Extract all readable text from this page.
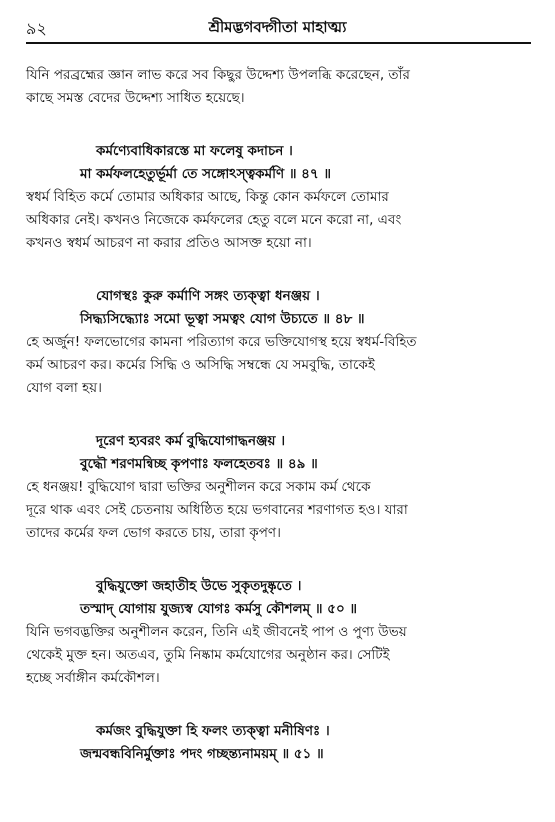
৯২	শ্রীমদ্ভগবদ্গীতা মাহাত্ম্য

যিনি পরব্রহ্মের জ্ঞান লাভ করে সব কিছুর উদ্দেশ্য উপলব্ধি করেছেন, তাঁর
কাছে সমস্ত বেদের উদ্দেশ্য সাধিত হয়েছে।

কর্মণ্যেবাধিকারস্তে মা ফলেষু কদাচন ।
মা কর্মফলহেতুর্ভূর্মা তে সঙ্গোঽস্ত্বকর্মণি ॥ ৪৭ ॥

স্বধর্ম বিহিত কর্মে তোমার অধিকার আছে, কিন্তু কোন কর্মফলে তোমার
অধিকার নেই। কখনও নিজেকে কর্মফলের হেতু বলে মনে করো না, এবং
কখনও স্বধর্ম আচরণ না করার প্রতিও আসক্ত হয়ো না।

যোগস্থঃ কুরু কর্মাণি সঙ্গং ত্যক্ত্বা ধনঞ্জয় ।
সিদ্ধ্যসিদ্ধ্যোঃ সমো ভূত্বা সমত্বং যোগ উচ্যতে ॥ ৪৮ ॥

হে অর্জুন! ফলভোগের কামনা পরিত্যাগ করে ভক্তিযোগস্থ হয়ে স্বধর্ম-বিহিত
কর্ম আচরণ কর। কর্মের সিদ্ধি ও অসিদ্ধি সম্বন্ধে যে সমবুদ্ধি, তাকেই
যোগ বলা হয়।

দূরেণ হ্যবরং কর্ম বুদ্ধিযোগাদ্ধনঞ্জয় ।
বুদ্ধৌ শরণমন্বিচ্ছ কৃপণাঃ ফলহেতবঃ ॥ ৪৯ ॥

হে ধনঞ্জয়! বুদ্ধিযোগ দ্বারা ভক্তির অনুশীলন করে সকাম কর্ম থেকে
দূরে থাক এবং সেই চেতনায় অধিষ্ঠিত হয়ে ভগবানের শরণাগত হও। যারা
তাদের কর্মের ফল ভোগ করতে চায়, তারা কৃপণ।

বুদ্ধিযুক্তো জহাতীহ উভে সুকৃতদুষ্কৃতে ।
তস্মাদ্ যোগায় যুজ্যস্ব যোগঃ কর্মসু কৌশলম্ ॥ ৫০ ॥

যিনি ভগবদ্ভক্তির অনুশীলন করেন, তিনি এই জীবনেই পাপ ও পুণ্য উভয়
থেকেই মুক্ত হন। অতএব, তুমি নিষ্কাম কর্মযোগের অনুষ্ঠান কর। সেটিই
হচ্ছে সর্বাঙ্গীন কর্মকৌশল।

কর্মজং বুদ্ধিযুক্তা হি ফলং ত্যক্ত্বা মনীষিণঃ ।
জন্মবন্ধবিনির্মুক্তাঃ পদং গচ্ছন্ত্যনাময়ম্ ॥ ৫১ ॥
